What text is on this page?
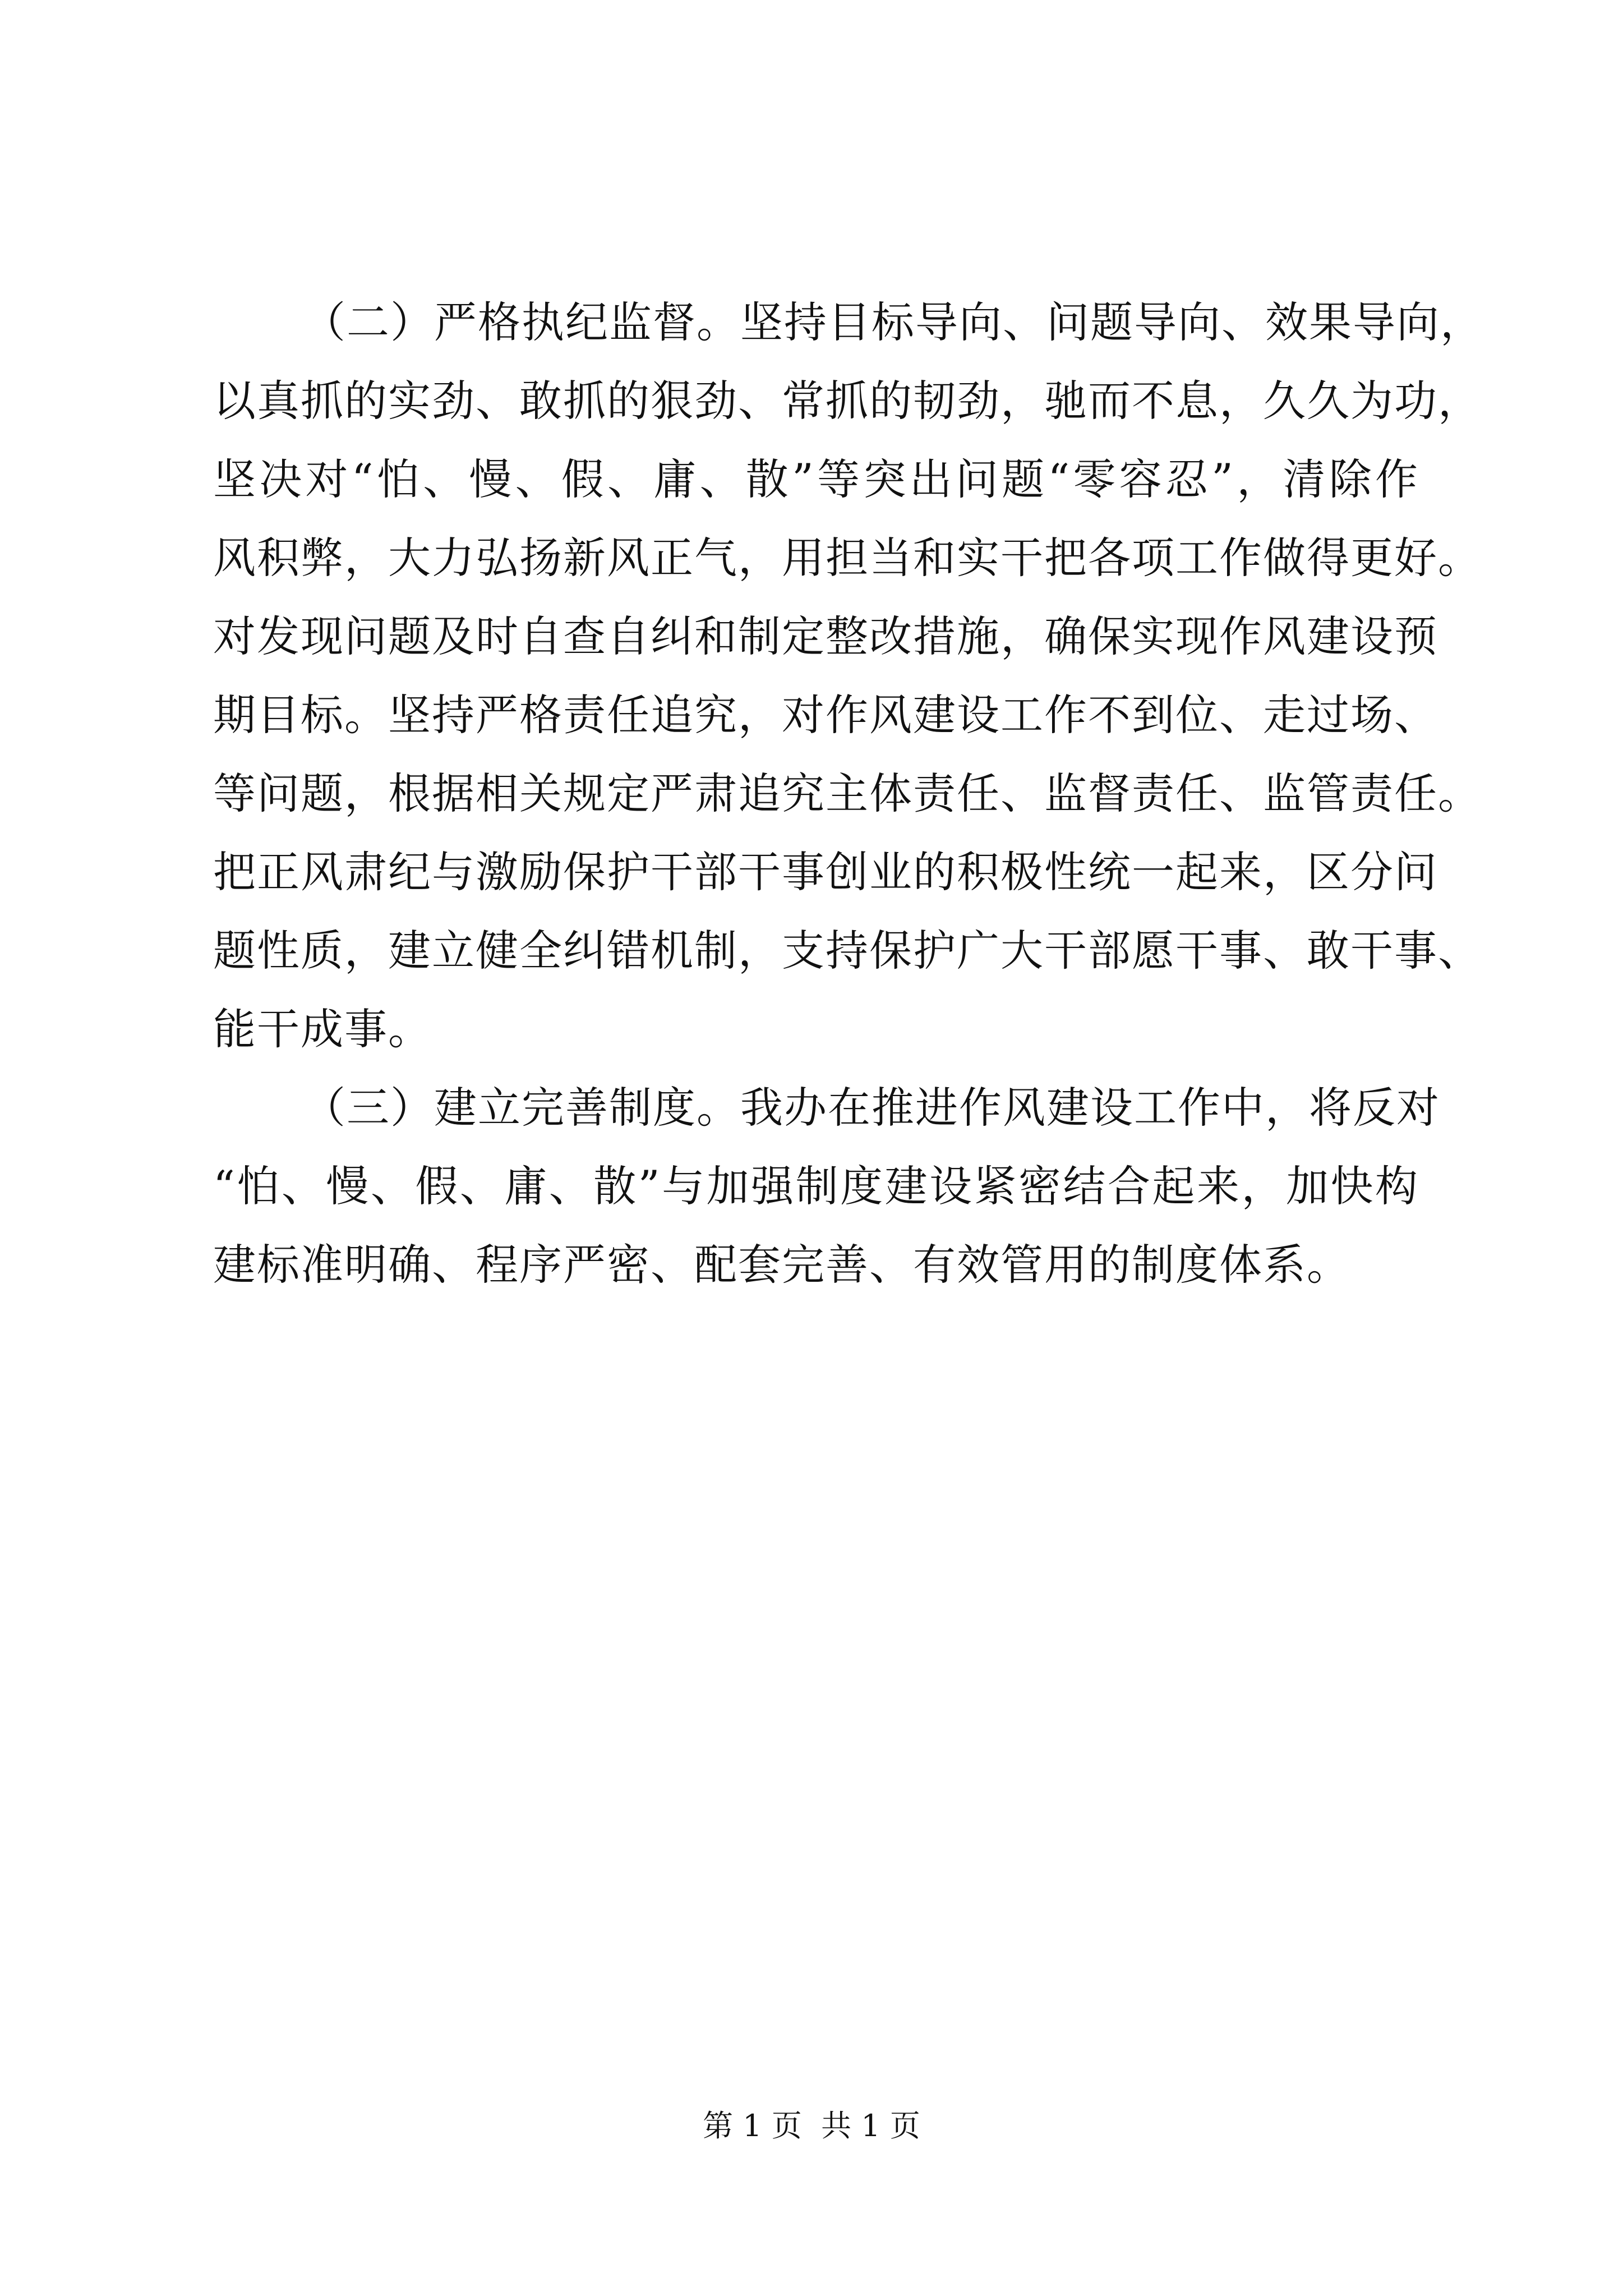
（二）严格执纪监督。坚持目标导向、问题导向、效果导向，
以真抓的实劲、敢抓的狠劲、常抓的韧劲，驰而不息，久久为功，
坚决对“怕、慢、假、庸、散”等突出问题“零容忍”，清除作
风积弊，大力弘扬新风正气，用担当和实干把各项工作做得更好。
对发现问题及时自查自纠和制定整改措施，确保实现作风建设预
期目标。坚持严格责任追究，对作风建设工作不到位、走过场、
等问题，根据相关规定严肃追究主体责任、监督责任、监管责任。
把正风肃纪与激励保护干部干事创业的积极性统一起来，区分问
题性质，建立健全纠错机制，支持保护广大干部愿干事、敢干事、
能干成事。

（三）建立完善制度。我办在推进作风建设工作中，将反对
“怕、慢、假、庸、散”与加强制度建设紧密结合起来，加快构
建标准明确、程序严密、配套完善、有效管用的制度体系。

第 1 页  共 1 页
